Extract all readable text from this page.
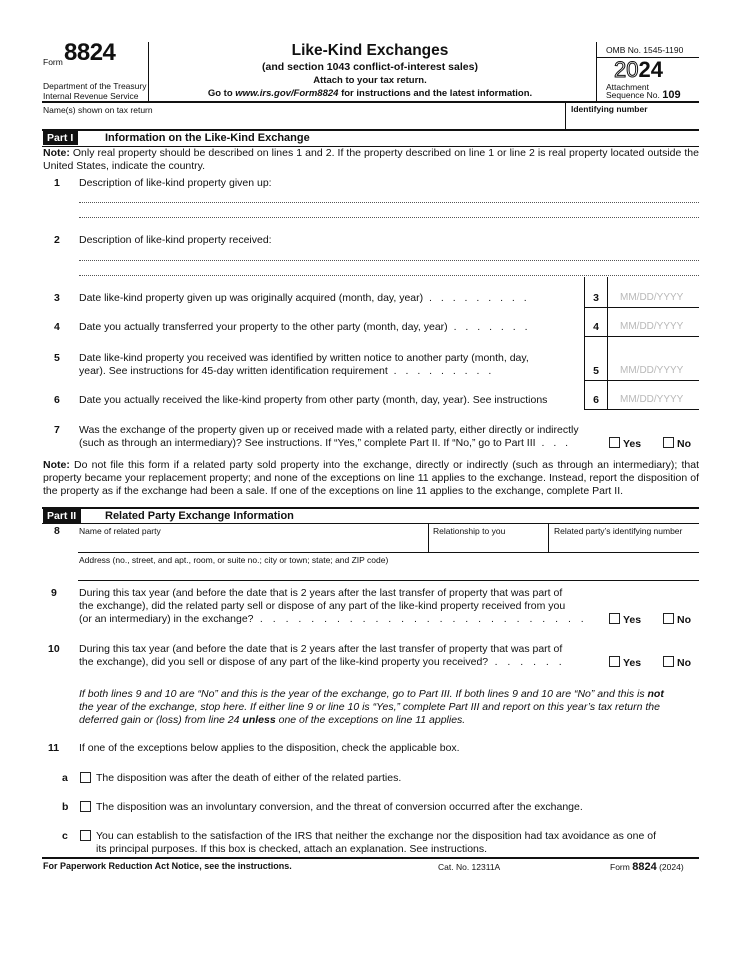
Form 8824
Department of the Treasury
Internal Revenue Service
Like-Kind Exchanges
(and section 1043 conflict-of-interest sales)
Attach to your tax return.
Go to www.irs.gov/Form8824 for instructions and the latest information.
OMB No. 1545-1190
2024
Attachment
Sequence No. 109
Name(s) shown on tax return	Identifying number
Part I	Information on the Like-Kind Exchange
Note: Only real property should be described on lines 1 and 2. If the property described on line 1 or line 2 is real property located outside the United States, indicate the country.
1 Description of like-kind property given up:
2 Description of like-kind property received:
3 Date like-kind property given up was originally acquired (month, day, year) . . . . . . . . .	3	MM/DD/YYYY
4 Date you actually transferred your property to the other party (month, day, year) . . . . . . .	4	MM/DD/YYYY
5 Date like-kind property you received was identified by written notice to another party (month, day,
year). See instructions for 45-day written identification requirement . . . . . . . . .	5	MM/DD/YYYY
6 Date you actually received the like-kind property from other party (month, day, year). See instructions	6	MM/DD/YYYY
7 Was the exchange of the property given up or received made with a related party, either directly or indirectly
(such as through an intermediary)? See instructions. If “Yes,” complete Part II. If “No,” go to Part III . . .	Yes	No
Note: Do not file this form if a related party sold property into the exchange, directly or indirectly (such as through an intermediary); that property became your replacement property; and none of the exceptions on line 11 applies to the exchange. Instead, report the disposition of the property as if the exchange had been a sale. If one of the exceptions on line 11 applies to the exchange, complete Part II.
Part II	Related Party Exchange Information
8 Name of related party	Relationship to you	Related party’s identifying number
Address (no., street, and apt., room, or suite no.; city or town; state; and ZIP code)
9 During this tax year (and before the date that is 2 years after the last transfer of property that was part of
the exchange), did the related party sell or dispose of any part of the like-kind property received from you
(or an intermediary) in the exchange? . . . . . . . . . . . . . . . . . . . . . . . . . .	Yes	No
10 During this tax year (and before the date that is 2 years after the last transfer of property that was part of
the exchange), did you sell or dispose of any part of the like-kind property you received? . . . . . .	Yes	No
If both lines 9 and 10 are “No” and this is the year of the exchange, go to Part III. If both lines 9 and 10 are “No” and this is not
the year of the exchange, stop here. If either line 9 or line 10 is “Yes,” complete Part III and report on this year’s tax return the
deferred gain or (loss) from line 24 unless one of the exceptions on line 11 applies.
11 If one of the exceptions below applies to the disposition, check the applicable box.
a	The disposition was after the death of either of the related parties.
b	The disposition was an involuntary conversion, and the threat of conversion occurred after the exchange.
c	You can establish to the satisfaction of the IRS that neither the exchange nor the disposition had tax avoidance as one of
its principal purposes. If this box is checked, attach an explanation. See instructions.
For Paperwork Reduction Act Notice, see the instructions.	Cat. No. 12311A	Form 8824 (2024)
